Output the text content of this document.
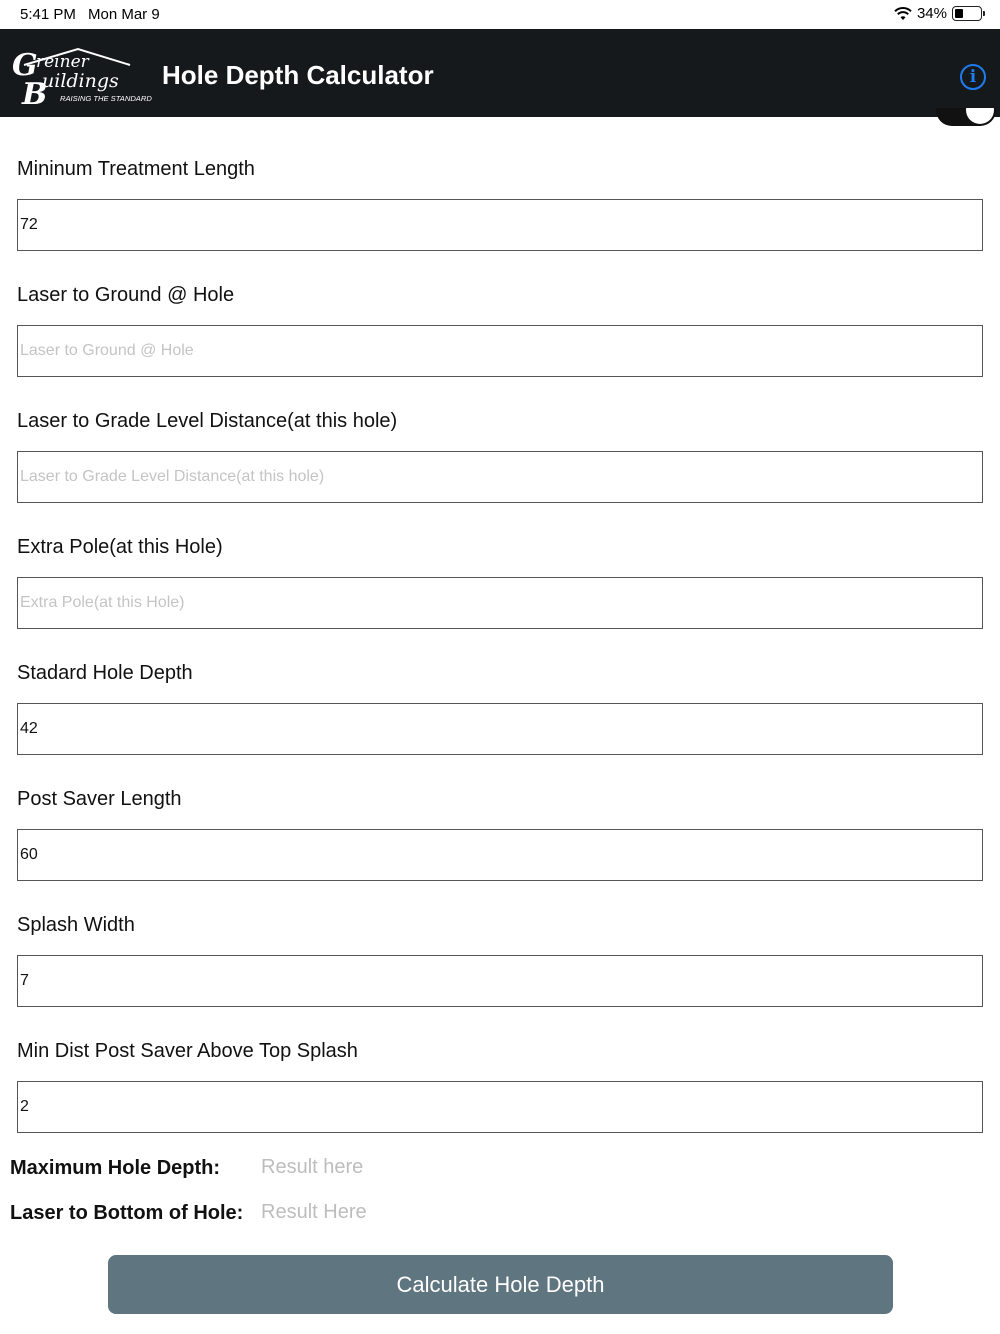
5:41 PM Mon Mar 9	34%
G
reiner
B
uildings
RAISING THE STANDARD
Hole Depth Calculator	i
Mininum Treatment Length
72
Laser to Ground @ Hole
Laser to Ground @ Hole
Laser to Grade Level Distance(at this hole)
Laser to Grade Level Distance(at this hole)
Extra Pole(at this Hole)
Extra Pole(at this Hole)
Stadard Hole Depth
42
Post Saver Length
60
Splash Width
7
Min Dist Post Saver Above Top Splash
2
Maximum Hole Depth: Result here
Laser to Bottom of Hole: Result Here
Calculate Hole Depth
